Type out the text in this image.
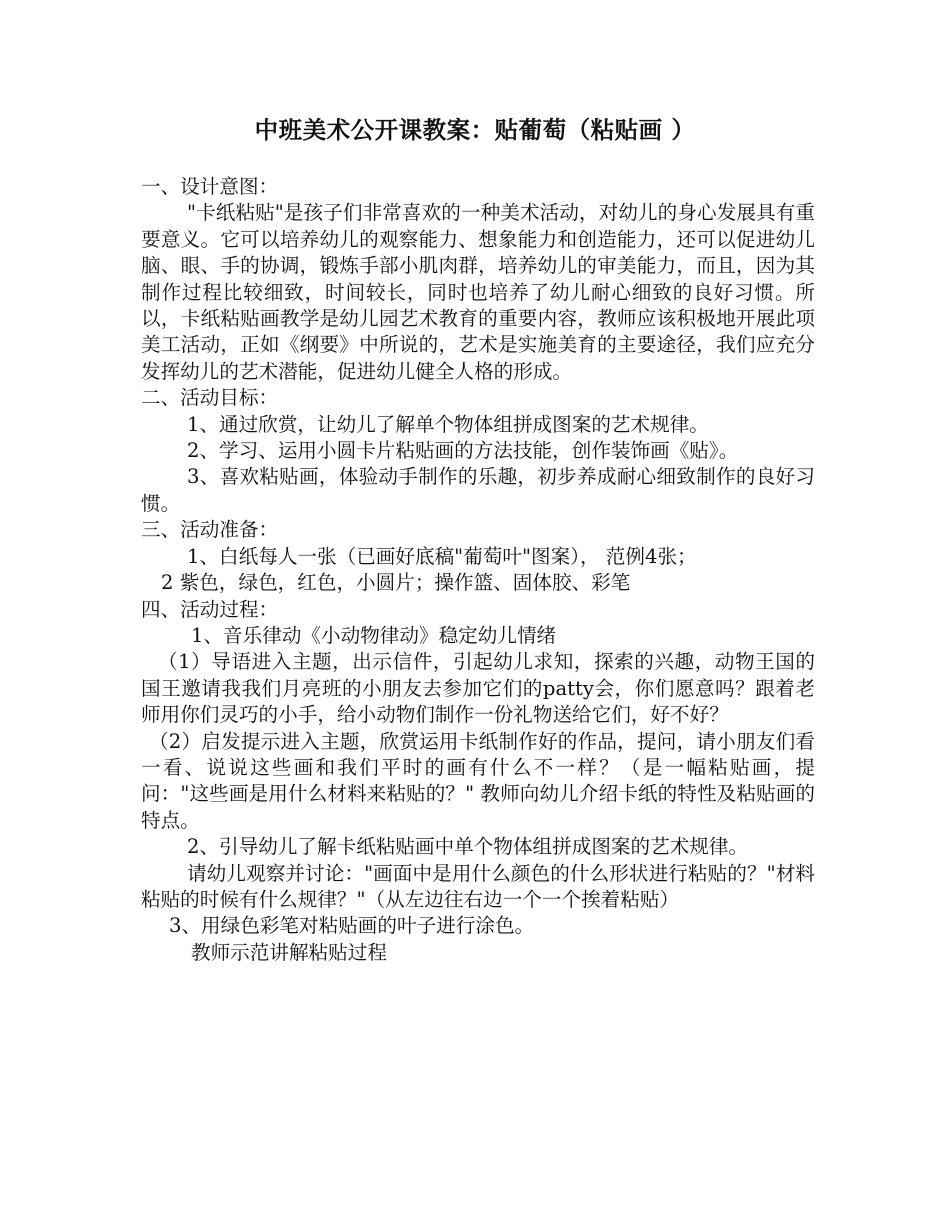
中班美术公开课教案：贴葡萄（粘贴画 ）

一、设计意图：

"卡纸粘贴"是孩子们非常喜欢的一种美术活动，对幼儿的身心发展具有重要意义。它可以培养幼儿的观察能力、想象能力和创造能力，还可以促进幼儿脑、眼、手的协调，锻炼手部小肌肉群，培养幼儿的审美能力，而且，因为其制作过程比较细致，时间较长，同时也培养了幼儿耐心细致的良好习惯。所以，卡纸粘贴画教学是幼儿园艺术教育的重要内容，教师应该积极地开展此项美工活动，正如《纲要》中所说的，艺术是实施美育的主要途径，我们应充分发挥幼儿的艺术潜能，促进幼儿健全人格的形成。

二、活动目标：

1、通过欣赏，让幼儿了解单个物体组拼成图案的艺术规律。

2、学习、运用小圆卡片粘贴画的方法技能，创作装饰画《贴》。

3、喜欢粘贴画，体验动手制作的乐趣，初步养成耐心细致制作的良好习惯。

三、活动准备：

1、白纸每人一张（已画好底稿"葡萄叶"图案）， 范例4张；

2 紫色，绿色，红色，小圆片；操作篮、固体胶、彩笔

四、活动过程：

1、音乐律动《小动物律动》稳定幼儿情绪

（1）导语进入主题，出示信件，引起幼儿求知，探索的兴趣，动物王国的国王邀请我我们月亮班的小朋友去参加它们的patty会，你们愿意吗？跟着老师用你们灵巧的小手，给小动物们制作一份礼物送给它们，好不好？

（2）启发提示进入主题，欣赏运用卡纸制作好的作品，提问，请小朋友们看一看、说说这些画和我们平时的画有什么不一样？（是一幅粘贴画，提问："这些画是用什么材料来粘贴的？" 教师向幼儿介绍卡纸的特性及粘贴画的特点。

2、引导幼儿了解卡纸粘贴画中单个物体组拼成图案的艺术规律。

请幼儿观察并讨论："画面中是用什么颜色的什么形状进行粘贴的？"材料粘贴的时候有什么规律？"（从左边往右边一个一个挨着粘贴）

3、用绿色彩笔对粘贴画的叶子进行涂色。

教师示范讲解粘贴过程
